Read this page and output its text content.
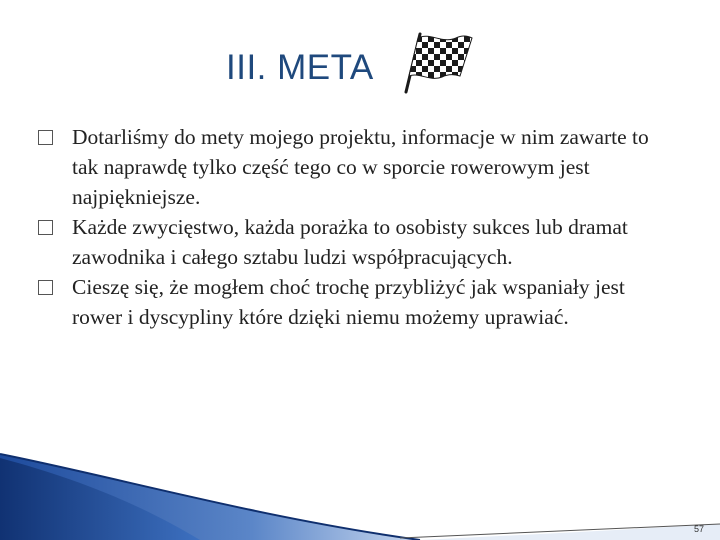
III. META
Dotarliśmy do mety mojego projektu, informacje w nim zawarte to tak naprawdę tylko część tego co w sporcie rowerowym jest najpiękniejsze.
Każde zwycięstwo, każda porażka to osobisty sukces lub dramat zawodnika i całego sztabu ludzi współpracujących.
Cieszę się, że mogłem choć trochę przybliżyć jak wspaniały jest rower i dyscypliny które dzięki niemu możemy uprawiać.
57
